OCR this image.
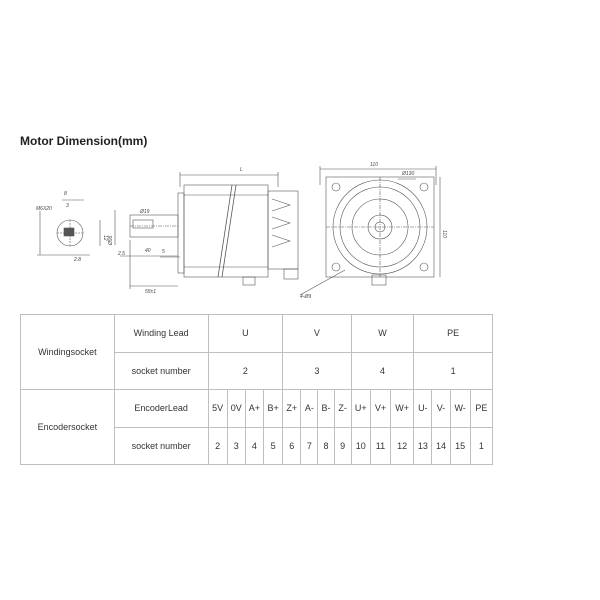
Motor Dimension(mm)
L
110
Ø130
110
4-Ø9
8
3
12
2.8
55±1
5
2.5	40
Ø19
M6X20
Ø95
Windingsocket	Winding Lead	U				V				W			PE			
	socket number	2				3				4			1			
Encodersocket	EncoderLead	5V	0V	A+	B+	Z+	A-	B-	Z-	U+	V+	W+	U-	V-	W-	PE
	socket number	2	3	4	5	6	7	8	9	10	11	12	13	14	15	1
